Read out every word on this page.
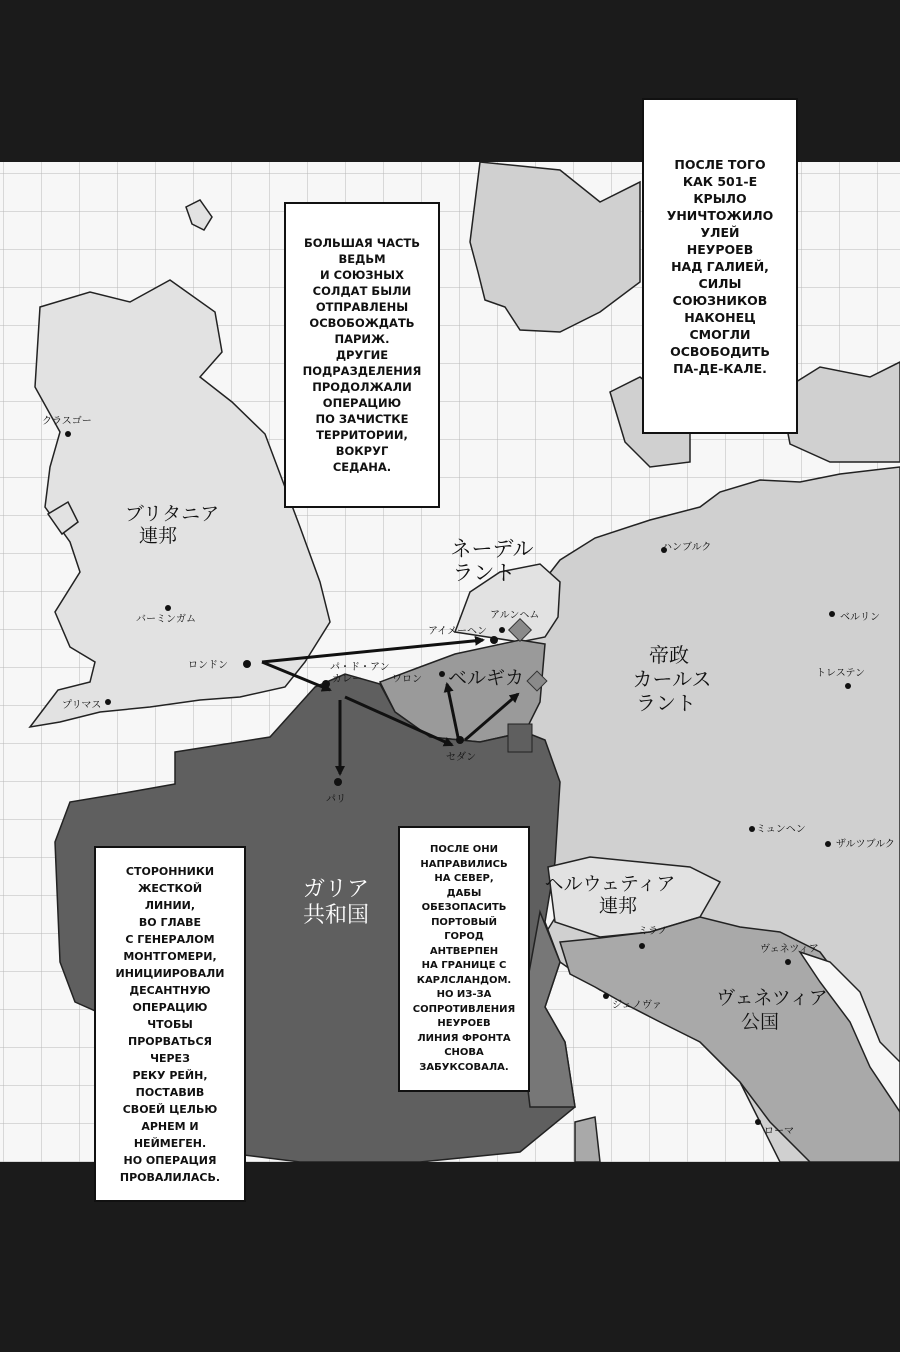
クラスゴー
バーミンガム
ロンドン
プリマス
パ・ド・アン
カレー	ワロン
パリ
セダン
アイメーヘン
アルンヘム
ハンブルク
ベルリン
トレステン
ミュンヘン
ザルツブルク
ミラノ
ヴェネツィア
ジェノヴァ
ローマ
ブリタニア
連邦
ネーデル
ラント
ベルギカ
帝政
カールス
ラント
ガリア
共和国
ヘルウェティア
連邦
ヴェネツィア
公国

ПОСЛЕ ТОГО
КАК 501-Е
КРЫЛО
УНИЧТОЖИЛО
УЛЕЙ
НЕУРОЕВ
НАД ГАЛИЕЙ,
СИЛЫ
СОЮЗНИКОВ
НАКОНЕЦ
СМОГЛИ
ОСВОБОДИТЬ
ПА-ДЕ-КАЛЕ.

БОЛЬШАЯ ЧАСТЬ
ВЕДЬМ
И СОЮЗНЫХ
СОЛДАТ БЫЛИ
ОТПРАВЛЕНЫ
ОСВОБОЖДАТЬ
ПАРИЖ.
ДРУГИЕ
ПОДРАЗДЕЛЕНИЯ
ПРОДОЛЖАЛИ
ОПЕРАЦИЮ
ПО ЗАЧИСТКЕ
ТЕРРИТОРИИ,
ВОКРУГ
СЕДАНА.

ПОСЛЕ ОНИ
НАПРАВИЛИСЬ
НА СЕВЕР,
ДАБЫ
ОБЕЗОПАСИТЬ
ПОРТОВЫЙ
ГОРОД
АНТВЕРПЕН
НА ГРАНИЦЕ С
КАРЛСЛАНДОМ.
НО ИЗ-ЗА
СОПРОТИВЛЕНИЯ
НЕУРОЕВ
ЛИНИЯ ФРОНТА
СНОВА
ЗАБУКСОВАЛА.

СТОРОННИКИ
ЖЕСТКОЙ
ЛИНИИ,
ВО ГЛАВЕ
С ГЕНЕРАЛОМ
МОНТГОМЕРИ,
ИНИЦИИРОВАЛИ
ДЕСАНТНУЮ
ОПЕРАЦИЮ
ЧТОБЫ
ПРОРВАТЬСЯ
ЧЕРЕЗ
РЕКУ РЕЙН,
ПОСТАВИВ
СВОЕЙ ЦЕЛЬЮ
АРНЕМ И
НЕЙМЕГЕН.
НО ОПЕРАЦИЯ
ПРОВАЛИЛАСЬ.
